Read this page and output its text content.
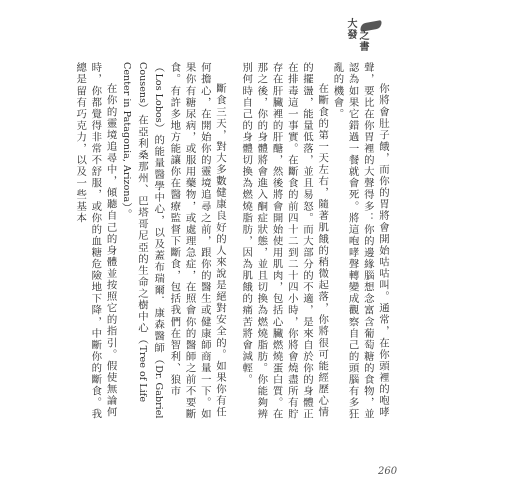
大發
之書

你將會肚子餓，而你的胃將會開始咕咕叫。通常，在你頭裡的咆哮聲，要比在你胃裡的大聲得多：你的邊緣腦想念富含葡萄糖的食物，並認為如果它錯過一餐就會死。將這咆哮聲轉變成觀察自己的頭腦有多狂亂的機會。

在斷食的第一天左右，隨著肌餓的稍微起落，你將很可能經歷心情的擺盪，能量低落，並且易怒。而大部分的不適，是來自於你的身體正在排毒這一事實。在斷食的前四十二到二十四小時，你將會燒盡所有貯存在肝臟裡的肝醣，然後將會開始使用肌肉，包括心臟燃燒蛋白質。在那之後，你的身體將會進入酮症狀態，並且切換為燃燒脂肪。你能夠辨別何時自己的身體切換為燃燒脂肪，因為肌餓的痛苦將會減輕。

斷食三天，對大多數健康良好的人來說是絕對安全的。如果你有任何擔心，在開始你的靈境追尋之前，跟你的醫生或健康師商量一下。如果你有糖尿病，或服用藥物，或處理急症，在照會你的醫師之前不要斷食。有許多地方能讓你在醫療監督下斷食，包括我們在智利、狼市（Los Lobos）的能量醫學中心，以及蓋布瑞爾．康森醫師（Dr. Gabriel Cousens）在亞利桑那州、巴塔哥尼亞的生命之樹中心（Tree of Life Center in Patagonia, Arizona）。

在你的靈境追尋中，傾聽自己的身體並按照它的指引。假使無論何時，你都覺得非常不舒服，或你的血糖危險地下降，中斷你的斷食。我總是留有巧克力，以及一些基本

260
